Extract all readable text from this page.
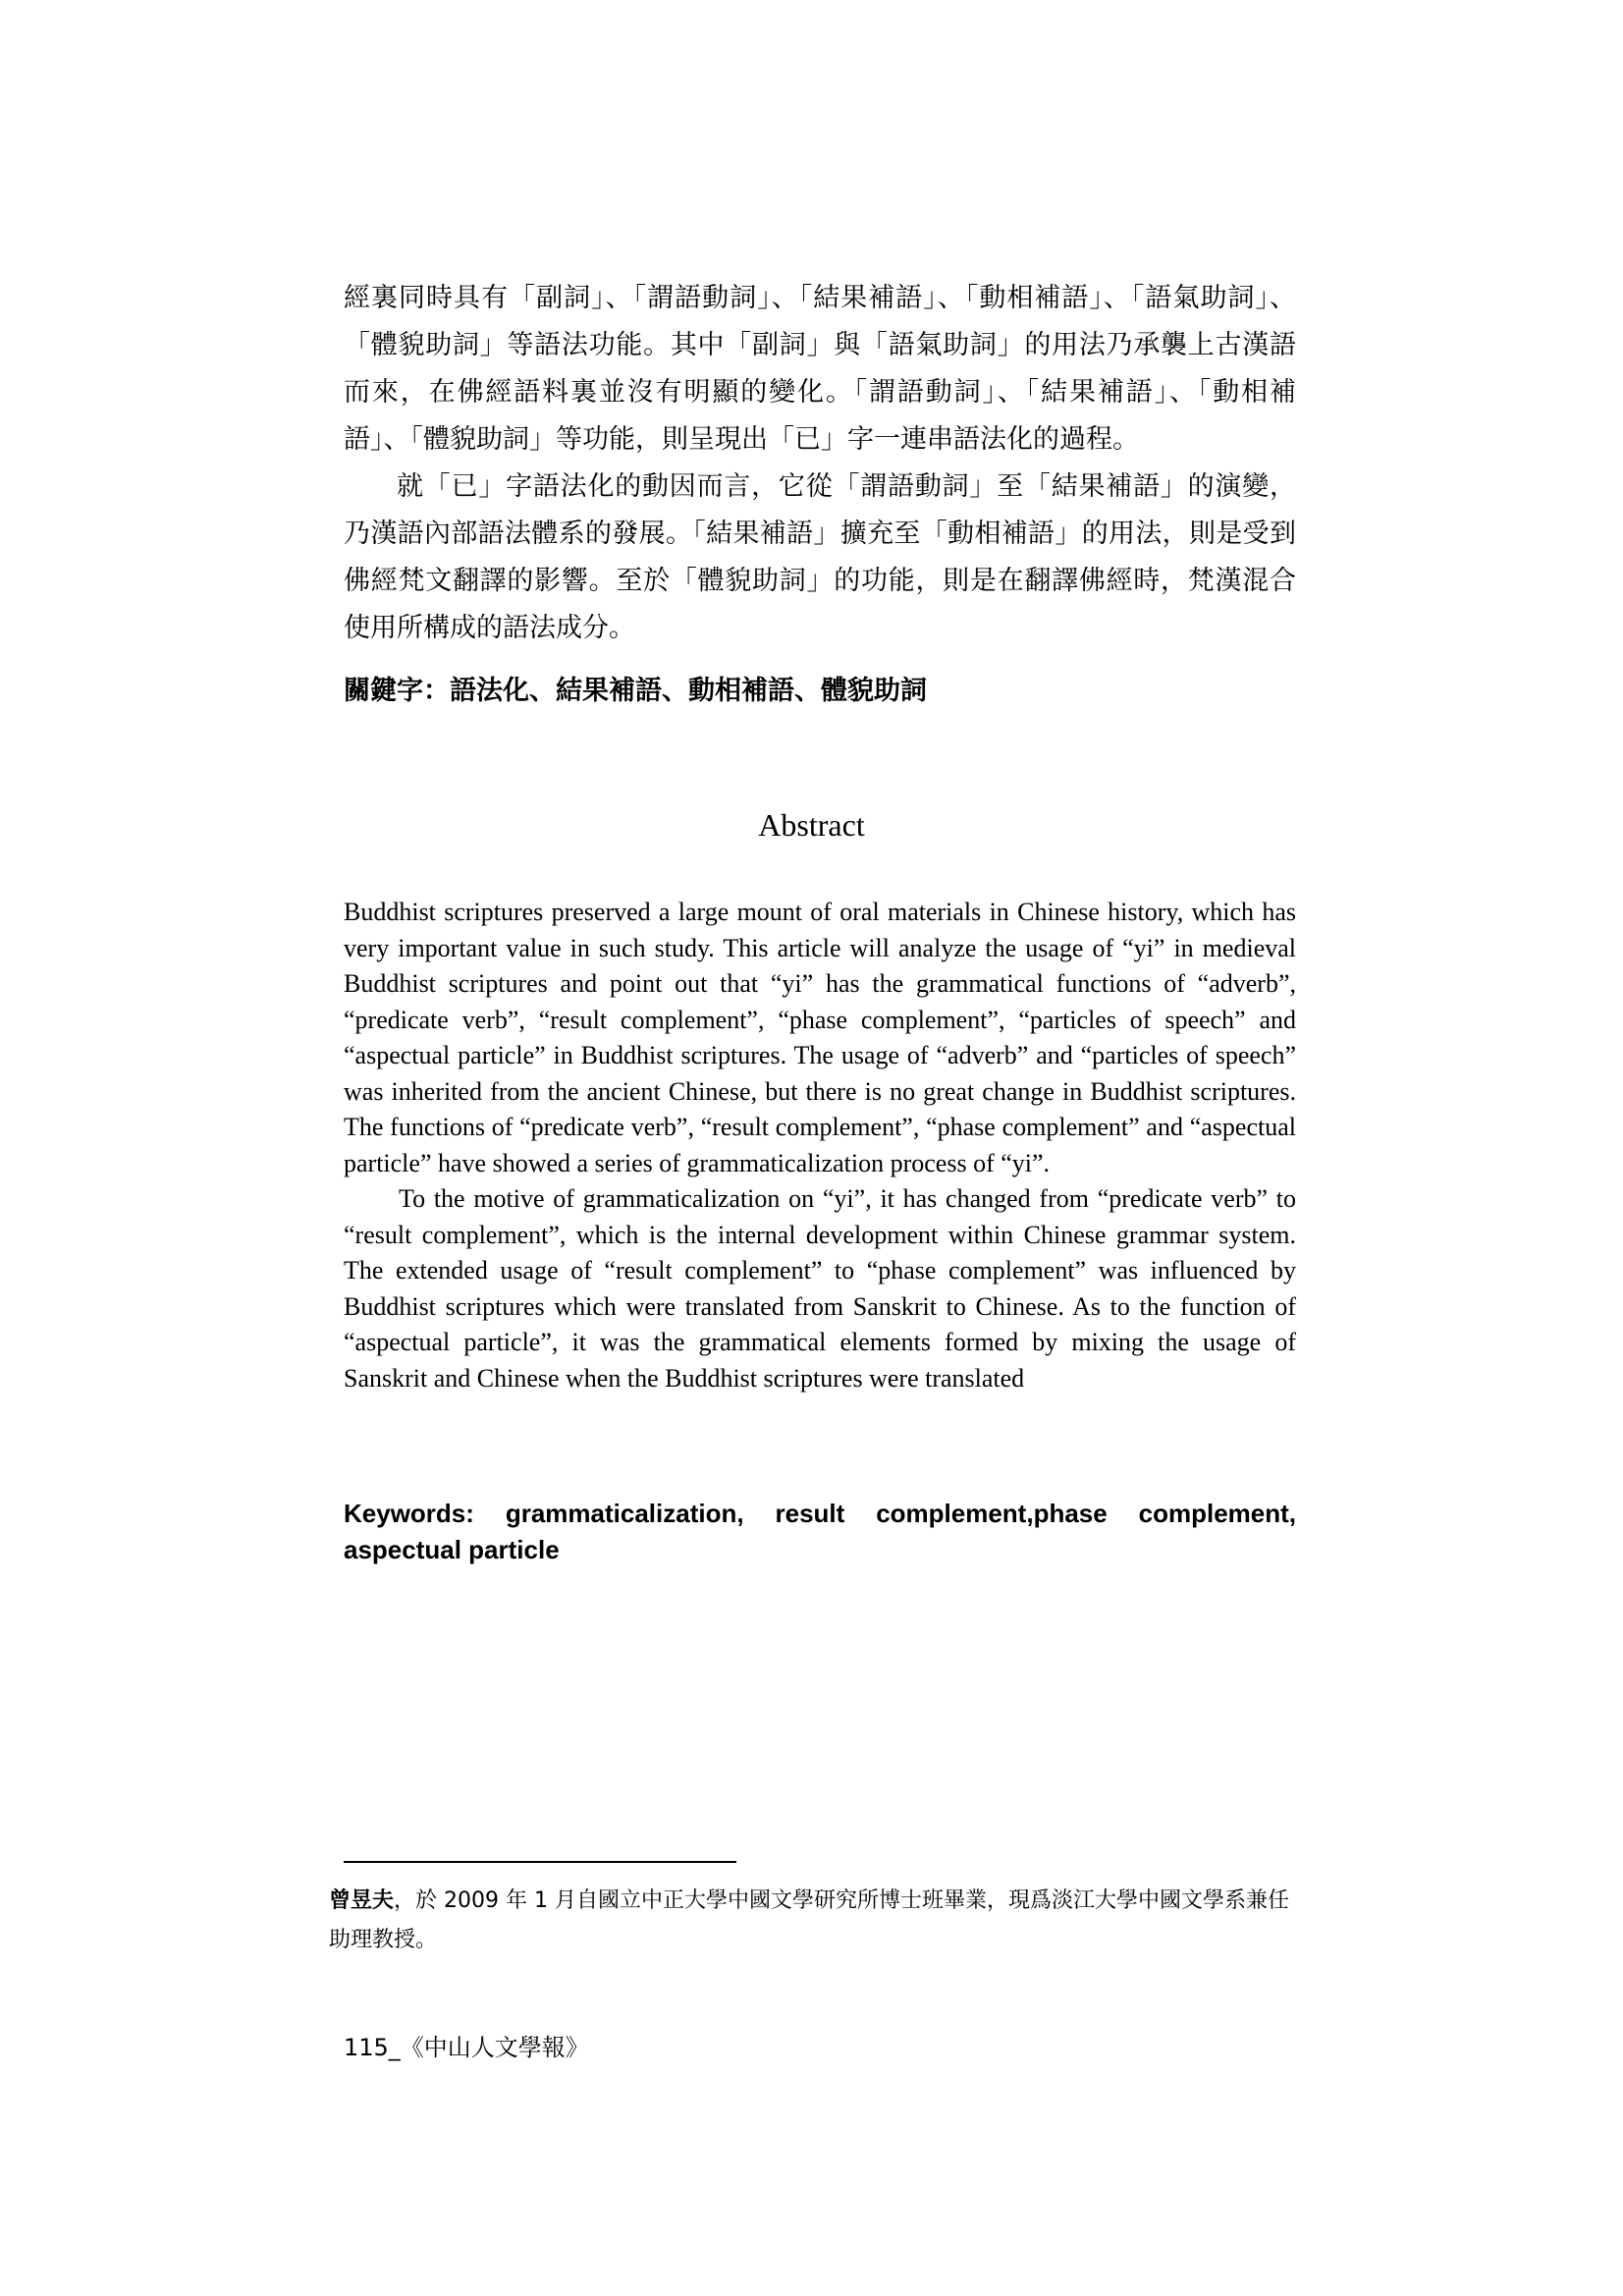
經裏同時具有「副詞」、「謂語動詞」、「結果補語」、「動相補語」、「語氣助詞」、「體貌助詞」等語法功能。其中「副詞」與「語氣助詞」的用法乃承襲上古漢語而來，在佛經語料裏並沒有明顯的變化。「謂語動詞」、「結果補語」、「動相補語」、「體貌助詞」等功能，則呈現出「已」字一連串語法化的過程。

就「已」字語法化的動因而言，它從「謂語動詞」至「結果補語」的演變，乃漢語內部語法體系的發展。「結果補語」擴充至「動相補語」的用法，則是受到佛經梵文翻譯的影響。至於「體貌助詞」的功能，則是在翻譯佛經時，梵漢混合使用所構成的語法成分。

關鍵字：語法化、結果補語、動相補語、體貌助詞
Abstract

Buddhist scriptures preserved a large mount of oral materials in Chinese history, which has very important value in such study. This article will analyze the usage of “yi” in medieval Buddhist scriptures and point out that “yi” has the grammatical functions of “adverb”, “predicate verb”, “result complement”, “phase complement”, “particles of speech” and “aspectual particle” in Buddhist scriptures. The usage of “adverb” and “particles of speech” was inherited from the ancient Chinese, but there is no great change in Buddhist scriptures. The functions of “predicate verb”, “result complement”, “phase complement” and “aspectual particle” have showed a series of grammaticalization process of “yi”.

To the motive of grammaticalization on “yi”, it has changed from “predicate verb” to “result complement”, which is the internal development within Chinese grammar system. The extended usage of “result complement” to “phase complement” was influenced by Buddhist scriptures which were translated from Sanskrit to Chinese. As to the function of “aspectual particle”, it was the grammatical elements formed by mixing the usage of Sanskrit and Chinese when the Buddhist scriptures were translated

Keywords: grammaticalization, result complement,phase complement, aspectual particle
曾昱夫，於 2009 年 1 月自國立中正大學中國文學研究所博士班畢業，現爲淡江大學中國文學系兼任助理教授。
115_《中山人文學報》
